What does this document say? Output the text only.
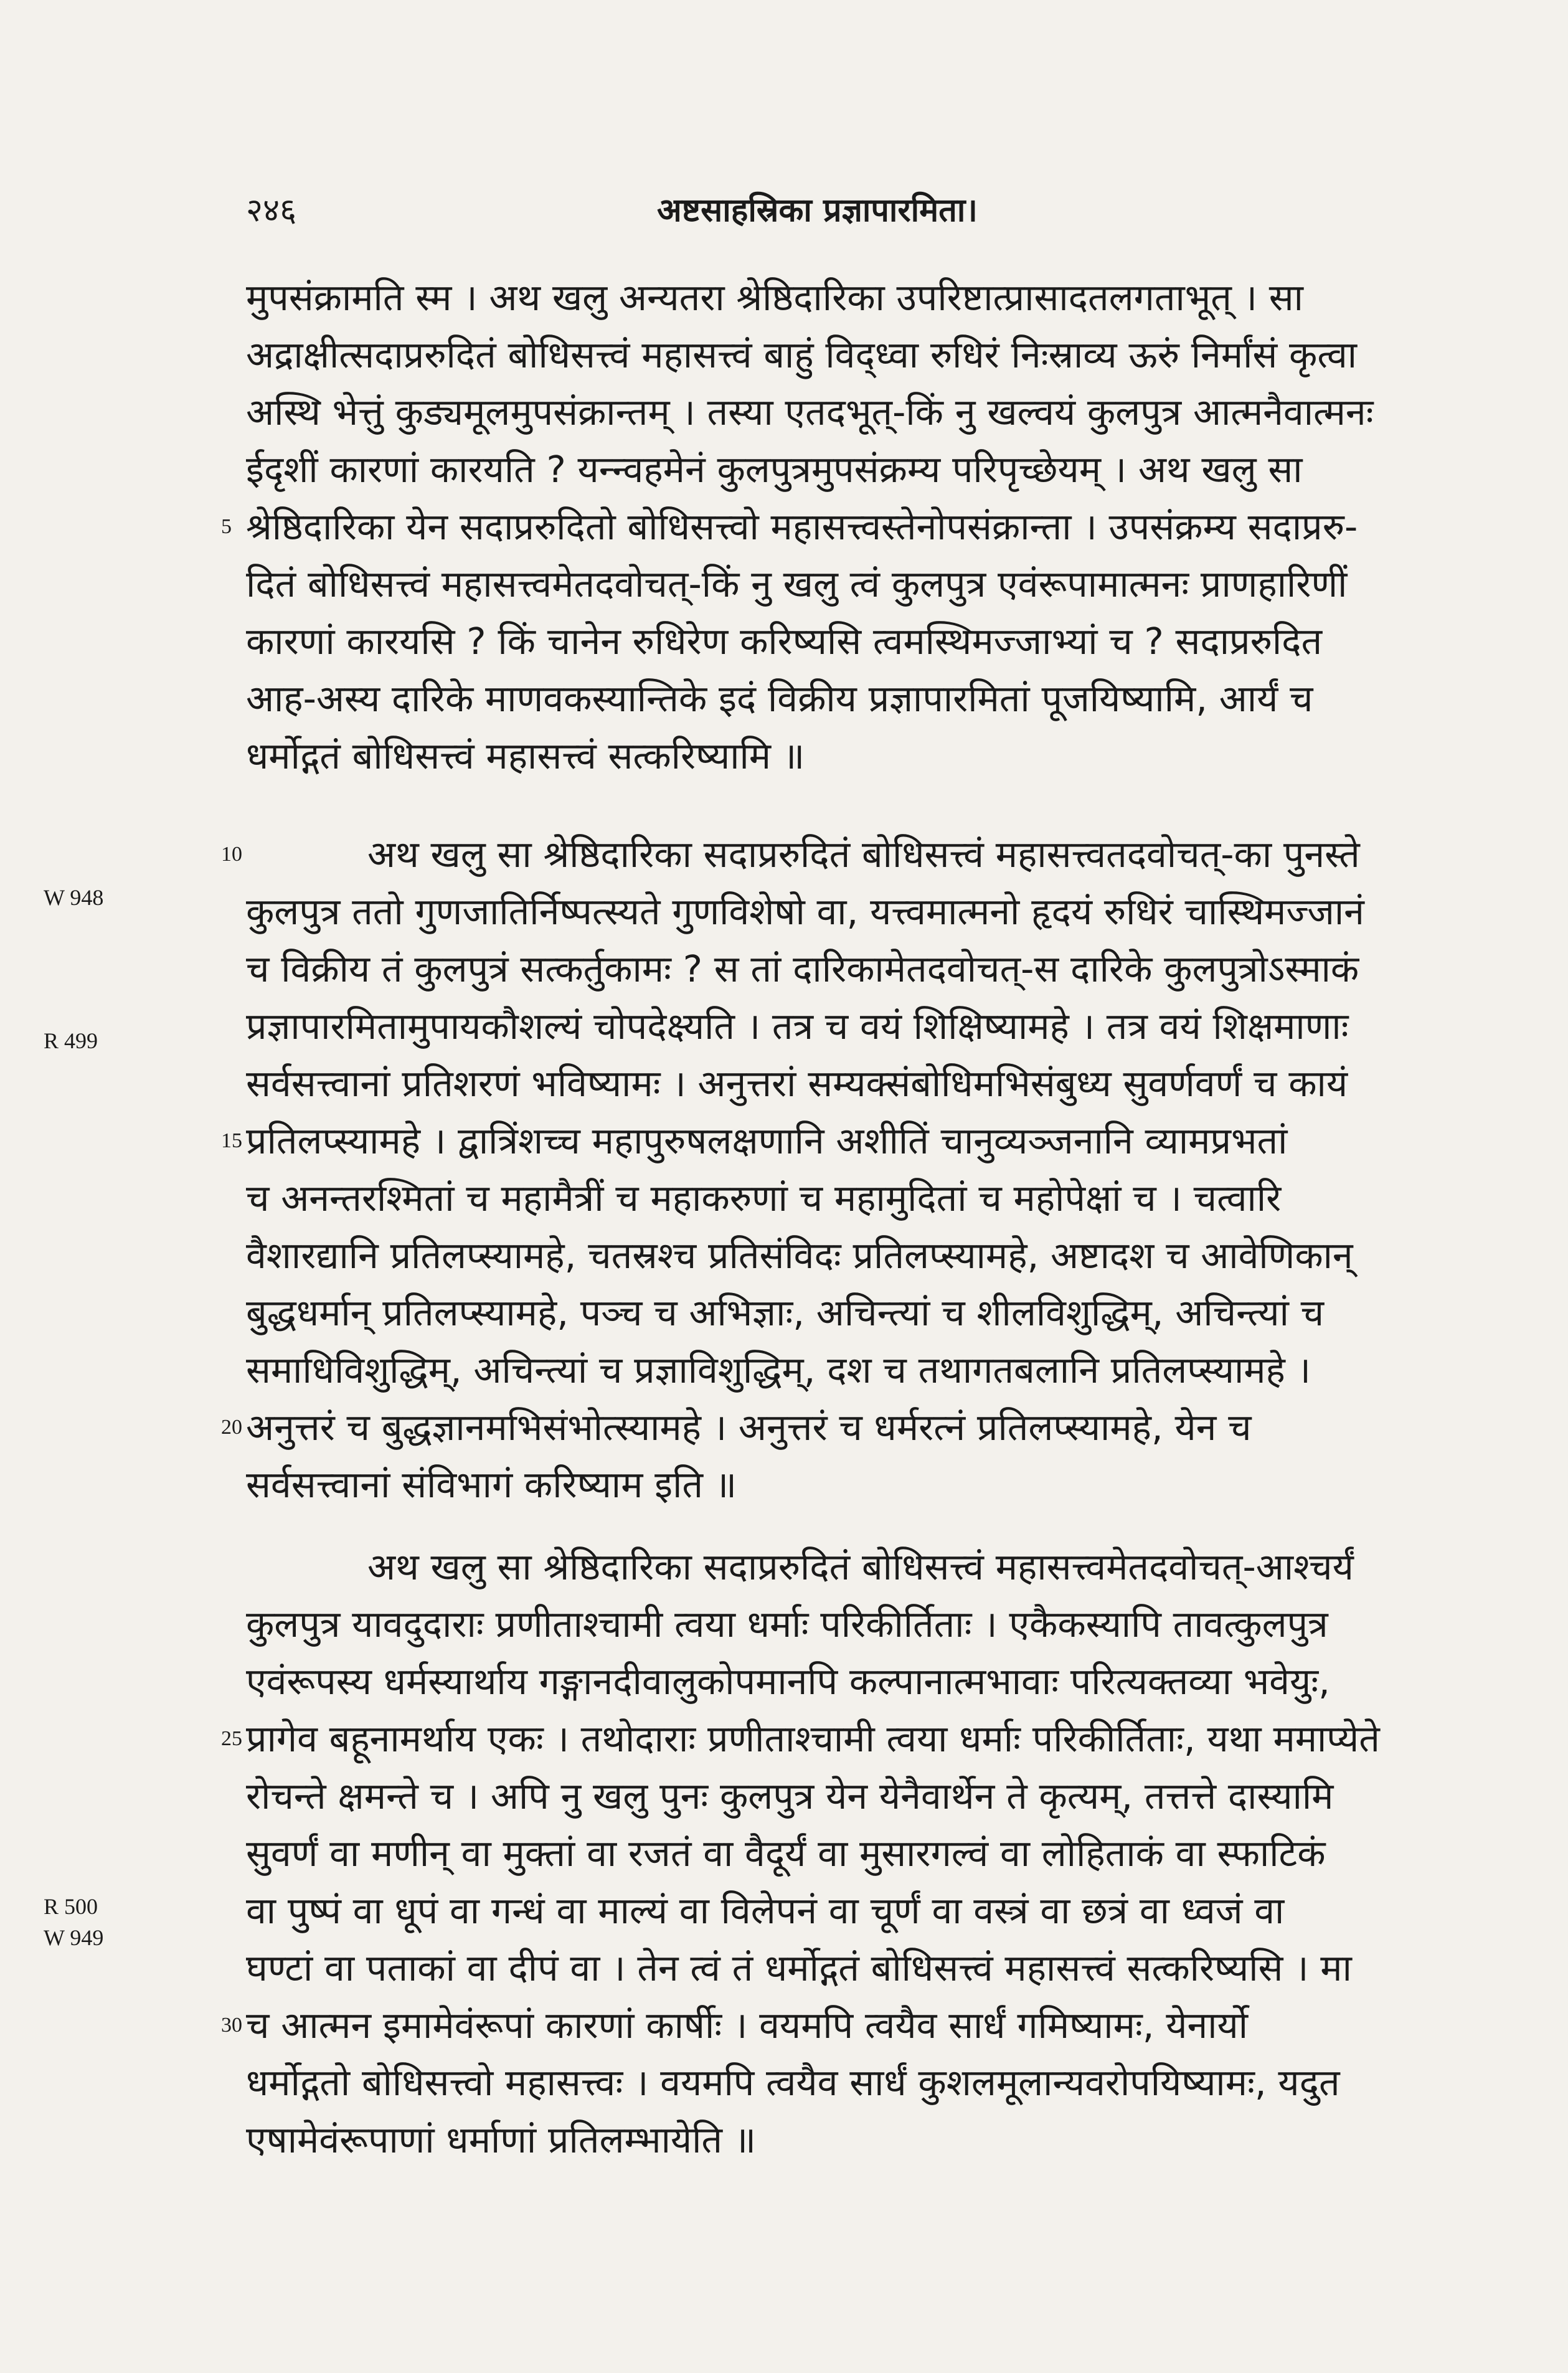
२४६	अष्टसाहस्रिका प्रज्ञापारमिता।
मुपसंक्रामति स्म । अथ खलु अन्यतरा श्रेष्ठिदारिका उपरिष्टात्प्रासादतलगताभूत् । सा
अद्राक्षीत्सदाप्ररुदितं बोधिसत्त्वं महासत्त्वं बाहुं विद्ध्वा रुधिरं निःस्राव्य ऊरुं निर्मांसं कृत्वा
अस्थि भेत्तुं कुड्यमूलमुपसंक्रान्तम् । तस्या एतदभूत्-किं नु खल्वयं कुलपुत्र आत्मनैवात्मनः
ईदृशीं कारणां कारयति ? यन्न्वहमेनं कुलपुत्रमुपसंक्रम्य परिपृच्छेयम् । अथ खलु सा
5 श्रेष्ठिदारिका येन सदाप्ररुदितो बोधिसत्त्वो महासत्त्वस्तेनोपसंक्रान्ता । उपसंक्रम्य सदाप्ररु-
दितं बोधिसत्त्वं महासत्त्वमेतदवोचत्-किं नु खलु त्वं कुलपुत्र एवंरूपामात्मनः प्राणहारिणीं
कारणां कारयसि ? किं चानेन रुधिरेण करिष्यसि त्वमस्थिमज्जाभ्यां च ? सदाप्ररुदित
आह-अस्य दारिके माणवकस्यान्तिके इदं विक्रीय प्रज्ञापारमितां पूजयिष्यामि, आर्यं च
धर्मोद्गतं बोधिसत्त्वं महासत्त्वं सत्करिष्यामि ॥
10	अथ खलु सा श्रेष्ठिदारिका सदाप्ररुदितं बोधिसत्त्वं महासत्त्वतदवोचत्-का पुनस्ते
W 948	कुलपुत्र ततो गुणजातिर्निष्पत्स्यते गुणविशेषो वा, यत्त्वमात्मनो हृदयं रुधिरं चास्थिमज्जानं
च विक्रीय तं कुलपुत्रं सत्कर्तुकामः ? स तां दारिकामेतदवोचत्-स दारिके कुलपुत्रोऽस्माकं
R 499	प्रज्ञापारमितामुपायकौशल्यं चोपदेक्ष्यति । तत्र च वयं शिक्षिष्यामहे । तत्र वयं शिक्षमाणाः
सर्वसत्त्वानां प्रतिशरणं भविष्यामः । अनुत्तरां सम्यक्संबोधिमभिसंबुध्य सुवर्णवर्णं च कायं
15 प्रतिलप्स्यामहे । द्वात्रिंशच्च महापुरुषलक्षणानि अशीतिं चानुव्यञ्जनानि व्यामप्रभतां
च अनन्तरश्मितां च महामैत्रीं च महाकरुणां च महामुदितां च महोपेक्षां च । चत्वारि
वैशारद्यानि प्रतिलप्स्यामहे, चतस्रश्च प्रतिसंविदः प्रतिलप्स्यामहे, अष्टादश च आवेणिकान्
बुद्धधर्मान् प्रतिलप्स्यामहे, पञ्च च अभिज्ञाः, अचिन्त्यां च शीलविशुद्धिम्, अचिन्त्यां च
समाधिविशुद्धिम्, अचिन्त्यां च प्रज्ञाविशुद्धिम्, दश च तथागतबलानि प्रतिलप्स्यामहे ।
20 अनुत्तरं च बुद्धज्ञानमभिसंभोत्स्यामहे । अनुत्तरं च धर्मरत्नं प्रतिलप्स्यामहे, येन च
सर्वसत्त्वानां संविभागं करिष्याम इति ॥
अथ खलु सा श्रेष्ठिदारिका सदाप्ररुदितं बोधिसत्त्वं महासत्त्वमेतदवोचत्-आश्चर्यं
कुलपुत्र यावदुदाराः प्रणीताश्चामी त्वया धर्माः परिकीर्तिताः । एकैकस्यापि तावत्कुलपुत्र
एवंरूपस्य धर्मस्यार्थाय गङ्गानदीवालुकोपमानपि कल्पानात्मभावाः परित्यक्तव्या भवेयुः,
25 प्रागेव बहूनामर्थाय एकः । तथोदाराः प्रणीताश्चामी त्वया धर्माः परिकीर्तिताः, यथा ममाप्येते
रोचन्ते क्षमन्ते च । अपि नु खलु पुनः कुलपुत्र येन येनैवार्थेन ते कृत्यम्, तत्तत्ते दास्यामि
सुवर्णं वा मणीन् वा मुक्तां वा रजतं वा वैदूर्यं वा मुसारगल्वं वा लोहिताकं वा स्फाटिकं
R 500	वा पुष्पं वा धूपं वा गन्धं वा माल्यं वा विलेपनं वा चूर्णं वा वस्त्रं वा छत्रं वा ध्वजं वा
W 949
घण्टां वा पताकां वा दीपं वा । तेन त्वं तं धर्मोद्गतं बोधिसत्त्वं महासत्त्वं सत्करिष्यसि । मा
30 च आत्मन इमामेवंरूपां कारणां कार्षीः । वयमपि त्वयैव सार्धं गमिष्यामः, येनार्यो
धर्मोद्गतो बोधिसत्त्वो महासत्त्वः । वयमपि त्वयैव सार्धं कुशलमूलान्यवरोपयिष्यामः, यदुत
एषामेवंरूपाणां धर्माणां प्रतिलम्भायेति ॥
